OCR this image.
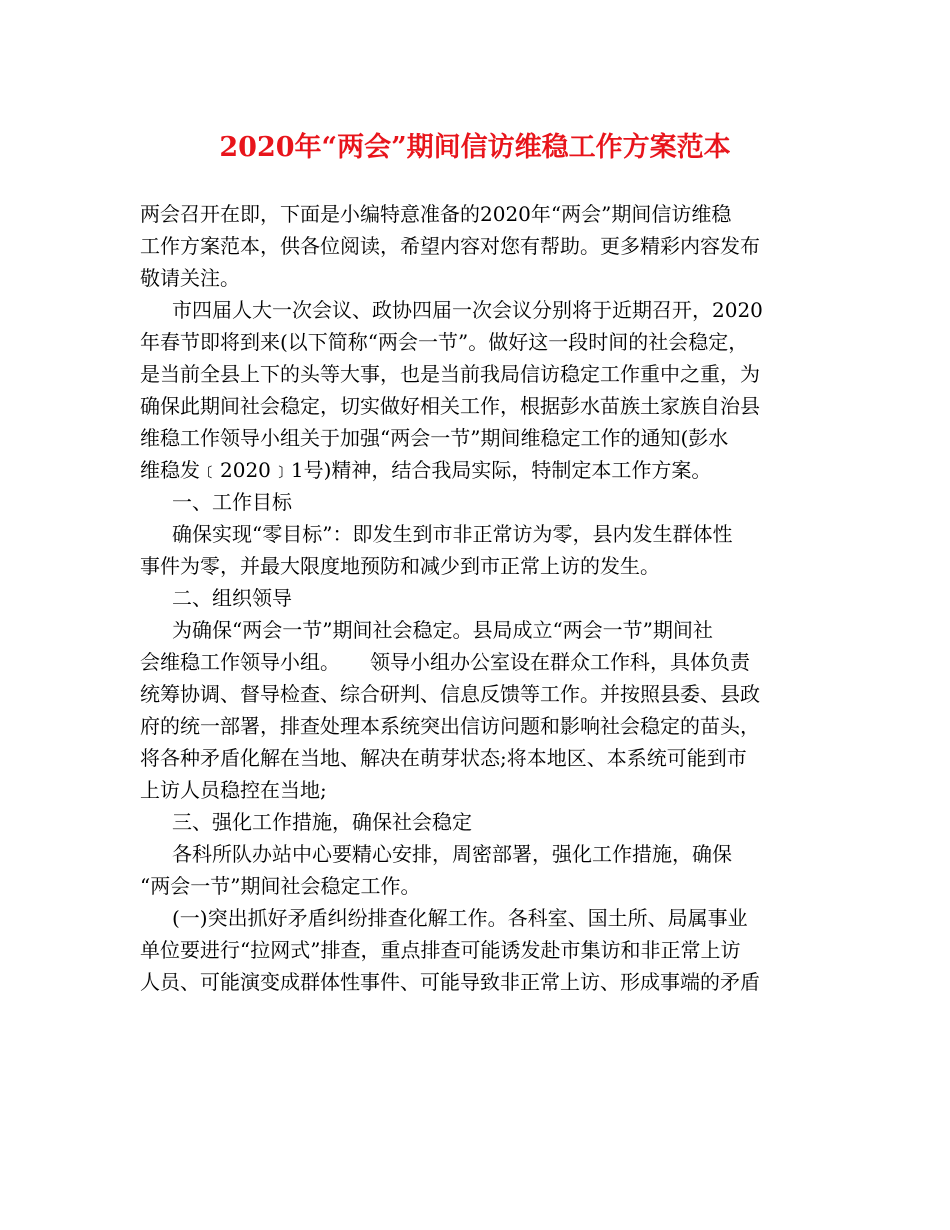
2020年“两会”期间信访维稳工作方案范本

两会召开在即，下面是小编特意准备的2020年“两会”期间信访维稳

工作方案范本，供各位阅读，希望内容对您有帮助。更多精彩内容发布

敬请关注。

市四届人大一次会议、政协四届一次会议分别将于近期召开，2020

年春节即将到来(以下简称“两会一节”。做好这一段时间的社会稳定，

是当前全县上下的头等大事，也是当前我局信访稳定工作重中之重，为

确保此期间社会稳定，切实做好相关工作，根据彭水苗族土家族自治县

维稳工作领导小组关于加强“两会一节”期间维稳定工作的通知(彭水

维稳发﹝2020﹞1号)精神，结合我局实际，特制定本工作方案。

一、工作目标

确保实现“零目标”：即发生到市非正常访为零，县内发生群体性

事件为零，并最大限度地预防和减少到市正常上访的发生。

二、组织领导

为确保“两会一节”期间社会稳定。县局成立“两会一节”期间社

会维稳工作领导小组。　　领导小组办公室设在群众工作科，具体负责

统筹协调、督导检查、综合研判、信息反馈等工作。并按照县委、县政

府的统一部署，排查处理本系统突出信访问题和影响社会稳定的苗头，

将各种矛盾化解在当地、解决在萌芽状态;将本地区、本系统可能到市

上访人员稳控在当地;

三、强化工作措施，确保社会稳定

各科所队办站中心要精心安排，周密部署，强化工作措施，确保

“两会一节”期间社会稳定工作。

(一)突出抓好矛盾纠纷排查化解工作。各科室、国土所、局属事业

单位要进行“拉网式”排查，重点排查可能诱发赴市集访和非正常上访

人员、可能演变成群体性事件、可能导致非正常上访、形成事端的矛盾
